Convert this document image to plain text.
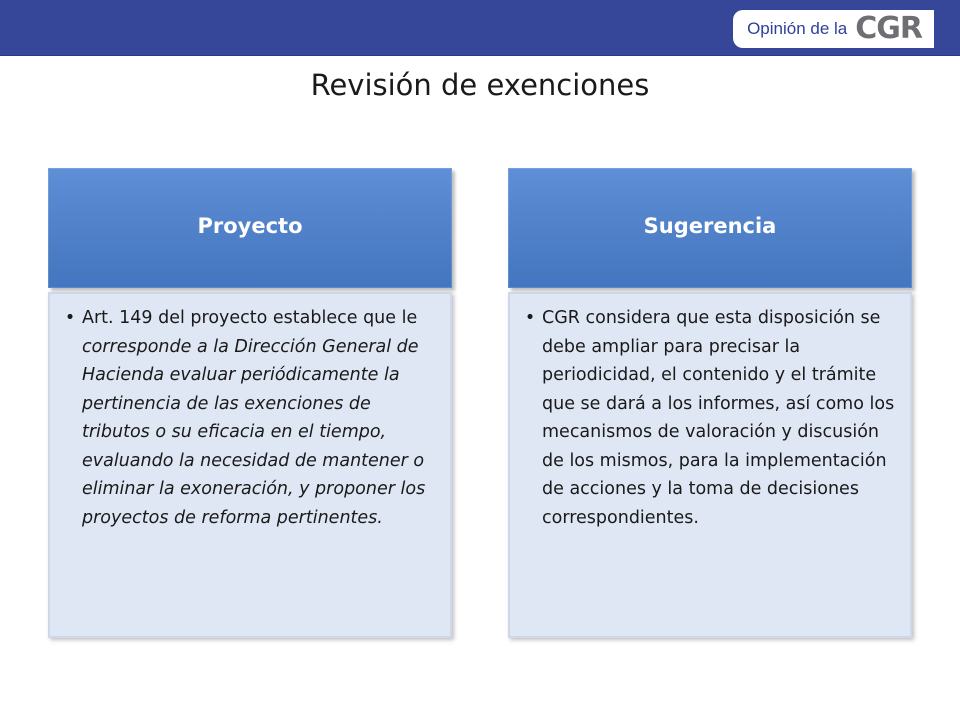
Opinión de la CGR
Revisión de exenciones
Proyecto
• Art. 149 del proyecto establece que le corresponde a la Dirección General de Hacienda evaluar periódicamente la pertinencia de las exenciones de tributos o su eficacia en el tiempo, evaluando la necesidad de mantener o eliminar la exoneración, y proponer los proyectos de reforma pertinentes.
Sugerencia
• CGR considera que esta disposición se debe ampliar para precisar la periodicidad, el contenido y el trámite que se dará a los informes, así como los mecanismos de valoración y discusión de los mismos, para la implementación de acciones y la toma de decisiones correspondientes.
